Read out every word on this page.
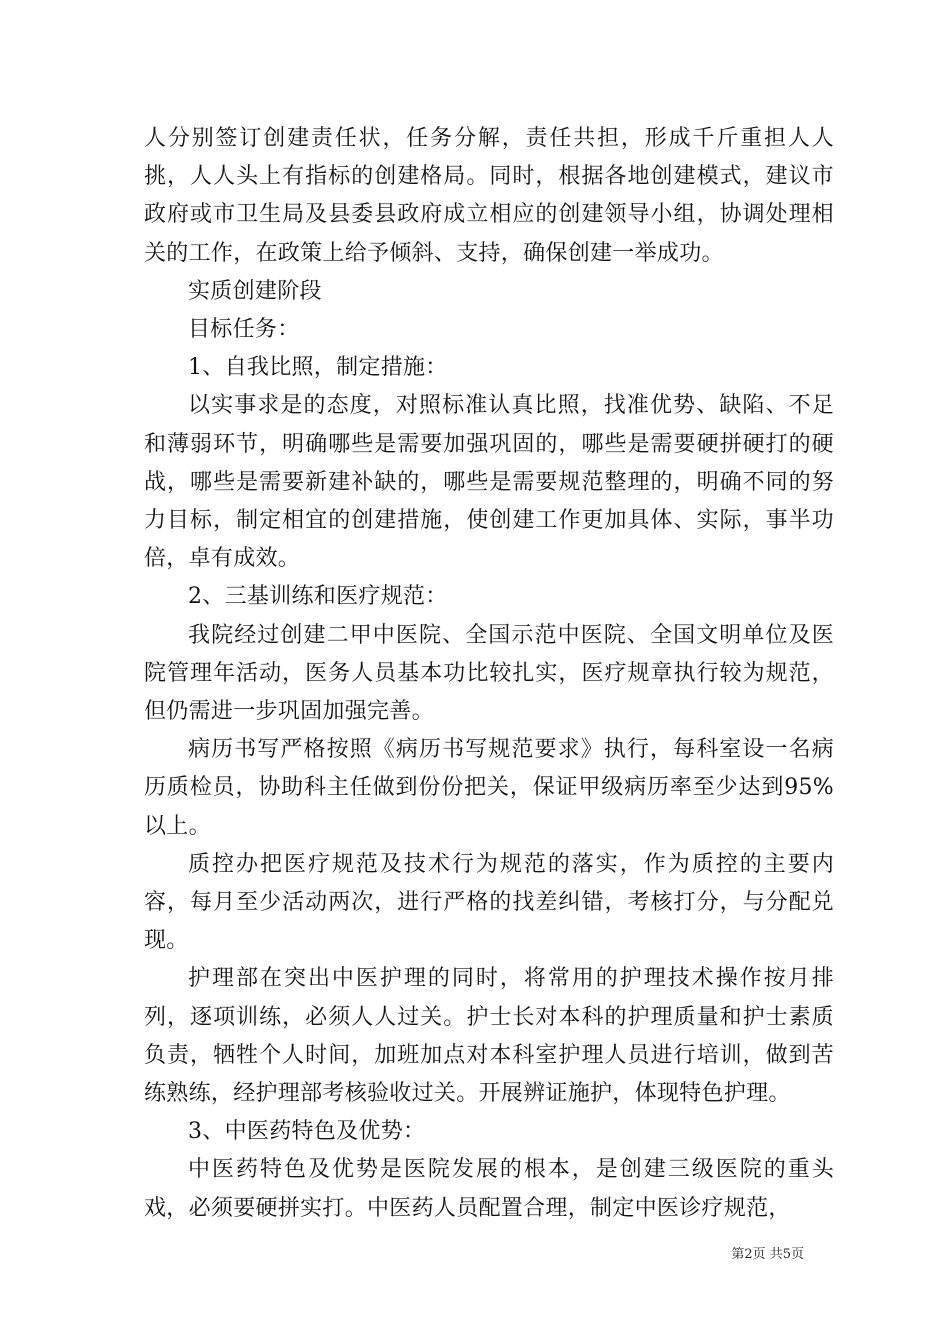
人分别签订创建责任状，任务分解，责任共担，形成千斤重担人人挑，人人头上有指标的创建格局。同时，根据各地创建模式，建议市政府或市卫生局及县委县政府成立相应的创建领导小组，协调处理相关的工作，在政策上给予倾斜、支持，确保创建一举成功。

实质创建阶段

目标任务：

1、自我比照，制定措施：

以实事求是的态度，对照标准认真比照，找准优势、缺陷、不足和薄弱环节，明确哪些是需要加强巩固的，哪些是需要硬拼硬打的硬战，哪些是需要新建补缺的，哪些是需要规范整理的，明确不同的努力目标，制定相宜的创建措施，使创建工作更加具体、实际，事半功倍，卓有成效。

2、三基训练和医疗规范：

我院经过创建二甲中医院、全国示范中医院、全国文明单位及医院管理年活动，医务人员基本功比较扎实，医疗规章执行较为规范，但仍需进一步巩固加强完善。

病历书写严格按照《病历书写规范要求》执行，每科室设一名病历质检员，协助科主任做到份份把关，保证甲级病历率至少达到95%以上。

质控办把医疗规范及技术行为规范的落实，作为质控的主要内容，每月至少活动两次，进行严格的找差纠错，考核打分，与分配兑现。

护理部在突出中医护理的同时，将常用的护理技术操作按月排列，逐项训练，必须人人过关。护士长对本科的护理质量和护士素质负责，牺牲个人时间，加班加点对本科室护理人员进行培训，做到苦练熟练，经护理部考核验收过关。开展辨证施护，体现特色护理。

3、中医药特色及优势：

中医药特色及优势是医院发展的根本，是创建三级医院的重头戏，必须要硬拼实打。中医药人员配置合理，制定中医诊疗规范，

第2页 共5页
